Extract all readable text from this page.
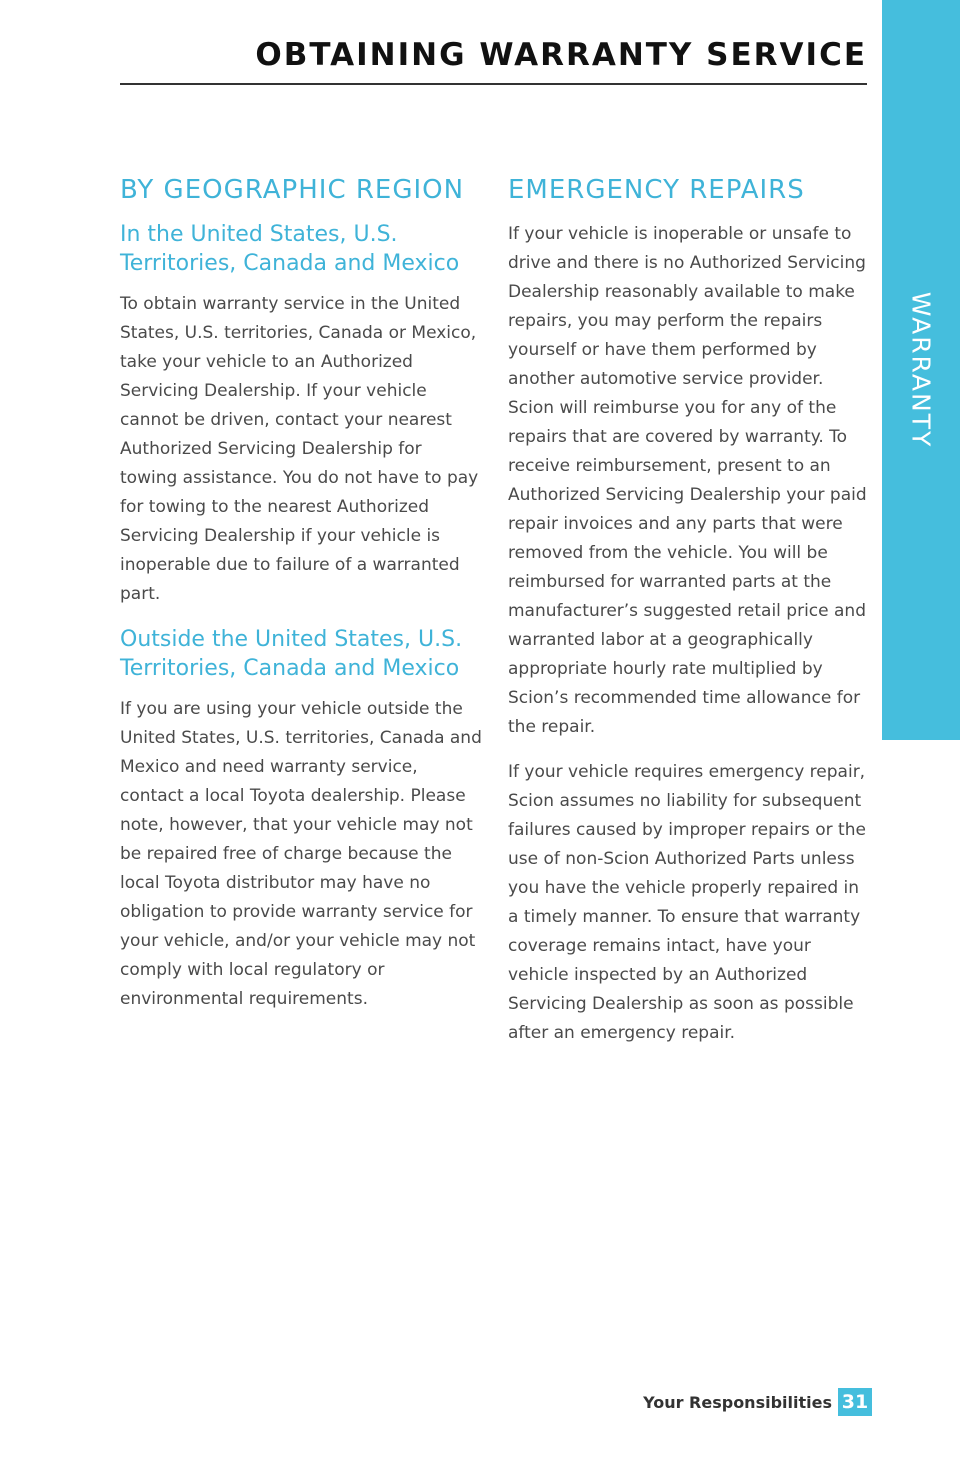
WARRANTY
OBTAINING WARRANTY SERVICE
BY GEOGRAPHIC REGION
In the United States, U.S. Territories, Canada and Mexico

To obtain warranty service in the United States, U.S. territories, Canada or Mexico, take your vehicle to an Authorized Servicing Dealership. If your vehicle cannot be driven, contact your nearest Authorized Servicing Dealership for towing assistance. You do not have to pay for towing to the nearest Authorized Servicing Dealership if your vehicle is inoperable due to failure of a warranted part.

Outside the United States, U.S. Territories, Canada and Mexico

If you are using your vehicle outside the United States, U.S. territories, Canada and Mexico and need warranty service, contact a local Toyota dealership. Please note, however, that your vehicle may not be repaired free of charge because the local Toyota distributor may have no obligation to provide warranty service for your vehicle, and/or your vehicle may not comply with local regulatory or environmental requirements.

EMERGENCY REPAIRS

If your vehicle is inoperable or unsafe to drive and there is no Authorized Servicing Dealership reasonably available to make repairs, you may perform the repairs yourself or have them performed by another automotive service provider. Scion will reimburse you for any of the repairs that are covered by warranty. To receive reimbursement, present to an Authorized Servicing Dealership your paid repair invoices and any parts that were removed from the vehicle. You will be reimbursed for warranted parts at the manufacturer’s suggested retail price and warranted labor at a geographically appropriate hourly rate multiplied by Scion’s recommended time allowance for the repair.

If your vehicle requires emergency repair, Scion assumes no liability for subsequent failures caused by improper repairs or the use of non-Scion Authorized Parts unless you have the vehicle properly repaired in a timely manner. To ensure that warranty coverage remains intact, have your vehicle inspected by an Authorized Servicing Dealership as soon as possible after an emergency repair.

Your Responsibilities 31
